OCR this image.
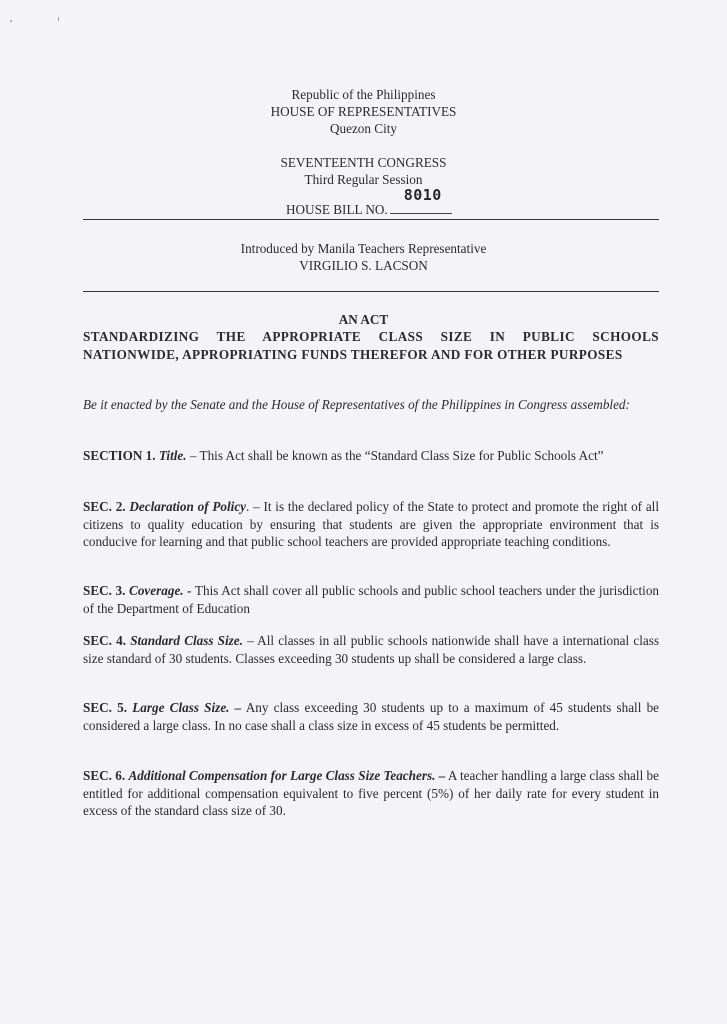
Republic of the Philippines
HOUSE OF REPRESENTATIVES
Quezon City
SEVENTEENTH CONGRESS
Third Regular Session
HOUSE BILL NO.
8010
Introduced by Manila Teachers Representative
VIRGILIO S. LACSON
AN ACT
STANDARDIZING THE APPROPRIATE CLASS SIZE IN PUBLIC SCHOOLS NATIONWIDE, APPROPRIATING FUNDS THEREFOR AND FOR OTHER PURPOSES
Be it enacted by the Senate and the House of Representatives of the Philippines in Congress assembled:
SECTION 1. Title. – This Act shall be known as the “Standard Class Size for Public Schools Act”
SEC. 2. Declaration of Policy. – It is the declared policy of the State to protect and promote the right of all citizens to quality education by ensuring that students are given the appropriate environment that is conducive for learning and that public school teachers are provided appropriate teaching conditions.
SEC. 3. Coverage. - This Act shall cover all public schools and public school teachers under the jurisdiction of the Department of Education
SEC. 4. Standard Class Size. – All classes in all public schools nationwide shall have a international class size standard of 30 students. Classes exceeding 30 students up shall be considered a large class.
SEC. 5. Large Class Size. – Any class exceeding 30 students up to a maximum of 45 students shall be considered a large class. In no case shall a class size in excess of 45 students be permitted.
SEC. 6. Additional Compensation for Large Class Size Teachers. – A teacher handling a large class shall be entitled for additional compensation equivalent to five percent (5%) of her daily rate for every student in excess of the standard class size of 30.
